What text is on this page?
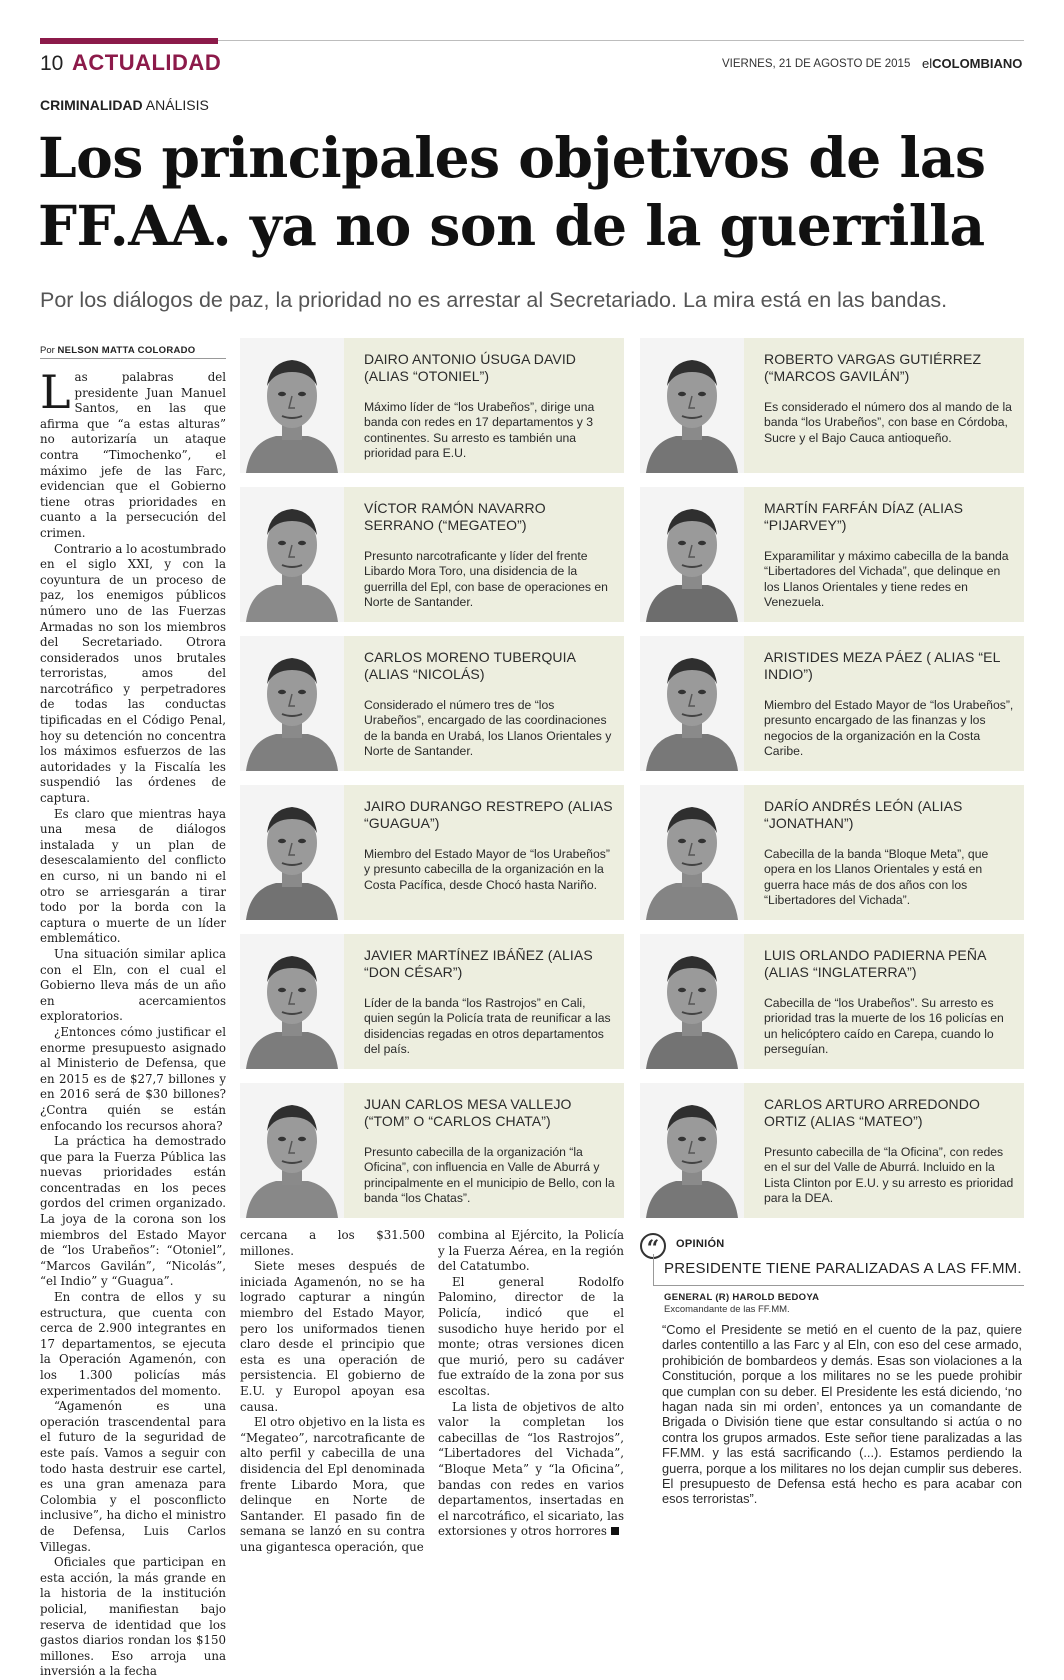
10 ACTUALIDAD	VIERNES, 21 DE AGOSTO DE 2015 elCOLOMBIANO
CRIMINALIDAD ANÁLISIS
Los principales objetivos de las FF.AA. ya no son de la guerrilla
Por los diálogos de paz, la prioridad no es arrestar al Secretariado. La mira está en las bandas.
Por NELSON MATTA COLORADO

Las palabras del presidente Juan Manuel Santos, en las que afirma que “a estas alturas” no autorizaría un ataque contra “Timochenko”, el máximo jefe de las Farc, evidencian que el Gobierno tiene otras prioridades en cuanto a la persecución del crimen.

Contrario a lo acostumbrado en el siglo XXI, y con la coyuntura de un proceso de paz, los enemigos públicos número uno de las Fuerzas Armadas no son los miembros del Secretariado. Otrora considerados unos brutales terroristas, amos del narcotráfico y perpetradores de todas las conductas tipificadas en el Código Penal, hoy su detención no concentra los máximos esfuerzos de las autoridades y la Fiscalía les suspendió las órdenes de captura.

Es claro que mientras haya una mesa de diálogos instalada y un plan de desescalamiento del conflicto en curso, ni un bando ni el otro se arriesgarán a tirar todo por la borda con la captura o muerte de un líder emblemático.

Una situación similar aplica con el Eln, con el cual el Gobierno lleva más de un año en acercamientos exploratorios.

¿Entonces cómo justificar el enorme presupuesto asignado al Ministerio de Defensa, que en 2015 es de $27,7 billones y en 2016 será de $30 billones? ¿Contra quién se están enfocando los recursos ahora?

La práctica ha demostrado que para la Fuerza Pública las nuevas prioridades están concentradas en los peces gordos del crimen organizado. La joya de la corona son los miembros del Estado Mayor de “los Urabeños”: “Otoniel”, “Marcos Gavilán”, “Nicolás”, “el Indio” y “Guagua”.

En contra de ellos y su estructura, que cuenta con cerca de 2.900 integrantes en 17 departamentos, se ejecuta la Operación Agamenón, con los 1.300 policías más experimentados del momento.

“Agamenón es una operación trascendental para el futuro de la seguridad de este país. Vamos a seguir con todo hasta destruir ese cartel, es una gran amenaza para Colombia y el posconflicto inclusive”, ha dicho el ministro de Defensa, Luis Carlos Villegas.

Oficiales que participan en esta acción, la más grande en la historia de la institución policial, manifiestan bajo reserva de identidad que los gastos diarios rondan los $150 millones. Eso arroja una inversión a la fecha

cercana a los $31.500 millones.

Siete meses después de iniciada Agamenón, no se ha logrado capturar a ningún miembro del Estado Mayor, pero los uniformados tienen claro desde el principio que esta es una operación de persistencia. El gobierno de E.U. y Europol apoyan esa causa.

El otro objetivo en la lista es “Megateo”, narcotraficante de alto perfil y cabecilla de una disidencia del Epl denominada frente Libardo Mora, que delinque en Norte de Santander. El pasado fin de semana se lanzó en su contra una gigantesca operación, que

combina al Ejército, la Policía y la Fuerza Aérea, en la región del Catatumbo.

El general Rodolfo Palomino, director de la Policía, indicó que el susodicho huye herido por el monte; otras versiones dicen que murió, pero su cadáver fue extraído de la zona por sus escoltas.

La lista de objetivos de alto valor la completan los cabecillas de “los Rastrojos”, “Libertadores del Vichada”, “Bloque Meta” y “la Oficina”, bandas con redes en varios departamentos, insertadas en el narcotráfico, el sicariato, las extorsiones y otros horrores

DAIRO ANTONIO ÚSUGA DAVID (ALIAS “OTONIEL”)
Máximo líder de “los Urabeños”, dirige una banda con redes en 17 departamentos y 3 continentes. Su arresto es también una prioridad para E.U.
ROBERTO VARGAS GUTIÉRREZ (“MARCOS GAVILÁN”)
Es considerado el número dos al mando de la banda “los Urabeños”, con base en Córdoba, Sucre y el Bajo Cauca antioqueño.
VÍCTOR RAMÓN NAVARRO SERRANO (“MEGATEO”)
Presunto narcotraficante y líder del frente Libardo Mora Toro, una disidencia de la guerrilla del Epl, con base de operaciones en Norte de Santander.
MARTÍN FARFÁN DÍAZ (ALIAS “PIJARVEY”)
Exparamilitar y máximo cabecilla de la banda “Libertadores del Vichada”, que delinque en los Llanos Orientales y tiene redes en Venezuela.
CARLOS MORENO TUBERQUIA (ALIAS “NICOLÁS)
Considerado el número tres de “los Urabeños”, encargado de las coordinaciones de la banda en Urabá, los Llanos Orientales y Norte de Santander.
ARISTIDES MEZA PÁEZ ( ALIAS “EL INDIO”)
Miembro del Estado Mayor de “los Urabeños”, presunto encargado de las finanzas y los negocios de la organización en la Costa Caribe.
JAIRO DURANGO RESTREPO (ALIAS “GUAGUA”)
Miembro del Estado Mayor de “los Urabeños” y presunto cabecilla de la organización en la Costa Pacífica, desde Chocó hasta Nariño.
DARÍO ANDRÉS LEÓN (ALIAS “JONATHAN”)
Cabecilla de la banda “Bloque Meta”, que opera en los Llanos Orientales y está en guerra hace más de dos años con los “Libertadores del Vichada”.
JAVIER MARTÍNEZ IBÁÑEZ (ALIAS “DON CÉSAR”)
Líder de la banda “los Rastrojos” en Cali, quien según la Policía trata de reunificar a las disidencias regadas en otros departamentos del país.
LUIS ORLANDO PADIERNA PEÑA (ALIAS “INGLATERRA”)
Cabecilla de “los Urabeños”. Su arresto es prioridad tras la muerte de los 16 policías en un helicóptero caído en Carepa, cuando lo perseguían.
JUAN CARLOS MESA VALLEJO (“TOM” O “CARLOS CHATA”)
Presunto cabecilla de la organización “la Oficina”, con influencia en Valle de Aburrá y principalmente en el municipio de Bello, con la banda “los Chatas”.
CARLOS ARTURO ARREDONDO ORTIZ (ALIAS “MATEO”)
Presunto cabecilla de “la Oficina”, con redes en el sur del Valle de Aburrá. Incluido en la Lista Clinton por E.U. y su arresto es prioridad para la DEA.
“	OPINIÓN
PRESIDENTE TIENE PARALIZADAS A LAS FF.MM.
GENERAL (R) HAROLD BEDOYA
Excomandante de las FF.MM.
“Como el Presidente se metió en el cuento de la paz, quiere darles contentillo a las Farc y al Eln, con eso del cese armado, prohibición de bombardeos y demás. Esas son violaciones a la Constitución, porque a los militares no se les puede prohibir que cumplan con su deber. El Presidente les está diciendo, ‘no hagan nada sin mi orden’, entonces ya un comandante de Brigada o División tiene que estar consultando si actúa o no contra los grupos armados. Este señor tiene paralizadas a las FF.MM. y las está sacrificando (...). Estamos perdiendo la guerra, porque a los militares no los dejan cumplir sus deberes. El presupuesto de Defensa está hecho es para acabar con esos terroristas”.
